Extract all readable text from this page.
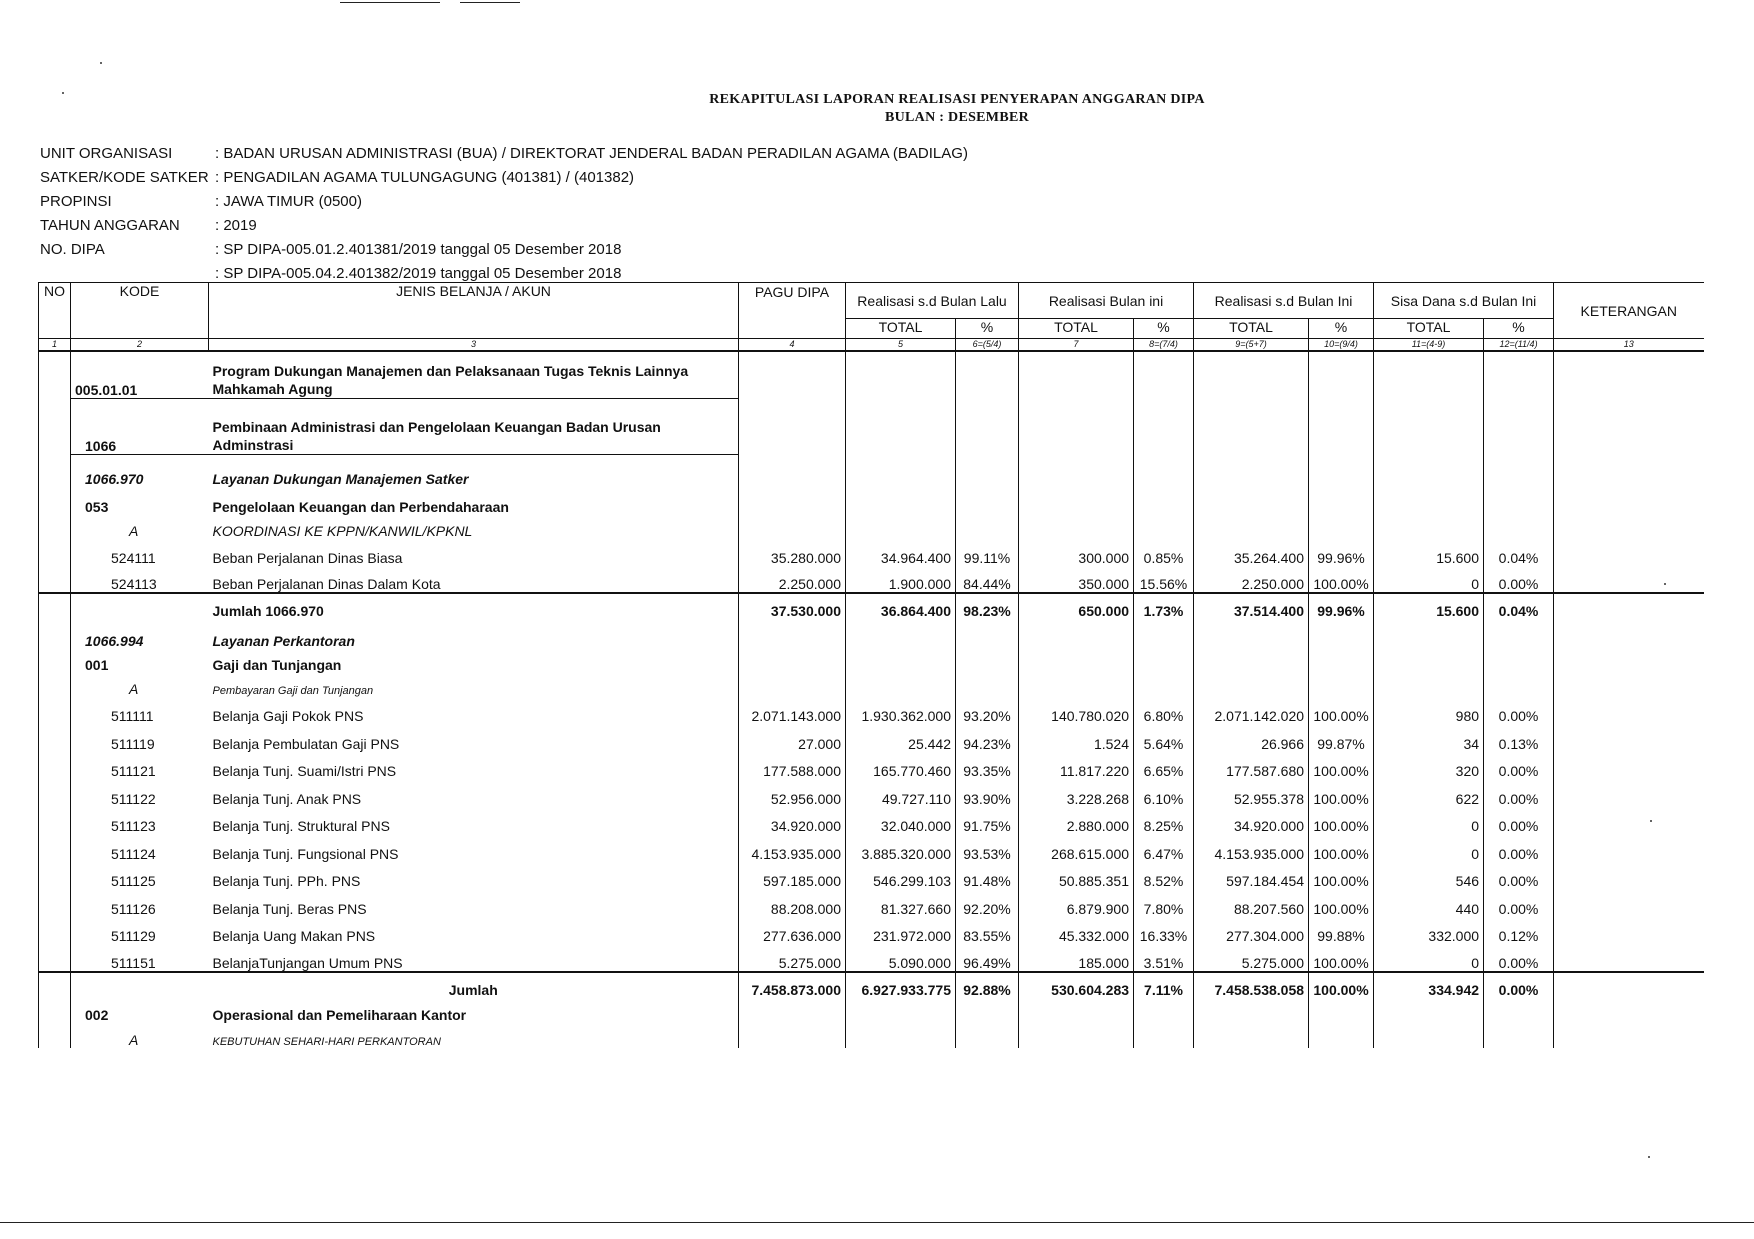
REKAPITULASI LAPORAN REALISASI PENYERAPAN ANGGARAN DIPA
BULAN : DESEMBER
UNIT ORGANISASI	: BADAN URUSAN ADMINISTRASI (BUA) / DIREKTORAT JENDERAL BADAN PERADILAN AGAMA (BADILAG)
SATKER/KODE SATKER : PENGADILAN AGAMA TULUNGAGUNG (401381) / (401382)
PROPINSI	: JAWA TIMUR (0500)
TAHUN ANGGARAN	: 2019
NO. DIPA	: SP DIPA-005.01.2.401381/2019 tanggal 05 Desember 2018
: SP DIPA-005.04.2.401382/2019 tanggal 05 Desember 2018
NO	KODE	JENIS BELANJA / AKUN	PAGU DIPA	Realisasi s.d Bulan Lalu		Realisasi Bulan ini		Realisasi s.d Bulan Ini		Sisa Dana s.d Bulan Ini		KETERANGAN
				TOTAL	%	TOTAL	%	TOTAL	%	TOTAL	%	
1	2	3	4	5	6=(5/4)	7	8=(7/4)	9=(5+7)	10=(9/4)	11=(4-9)	12=(11/4)	13
	005.01.01	Program Dukungan Manajemen dan Pelaksanaan Tugas Teknis Lainnya Mahkamah Agung										
	1066	Pembinaan Administrasi dan Pengelolaan Keuangan Badan Urusan Adminstrasi										
	1066.970	Layanan Dukungan Manajemen Satker										
	053	Pengelolaan Keuangan dan Perbendaharaan										
	A	KOORDINASI KE KPPN/KANWIL/KPKNL										
	524111	Beban Perjalanan Dinas Biasa	35.280.000	34.964.400	99.11%	300.000	0.85%	35.264.400	99.96%	15.600	0.04%	
	524113	Beban Perjalanan Dinas Dalam Kota	2.250.000	1.900.000	84.44%	350.000	15.56%	2.250.000	100.00%	0	0.00%	
		Jumlah 1066.970	37.530.000	36.864.400	98.23%	650.000	1.73%	37.514.400	99.96%	15.600	0.04%	
	1066.994	Layanan Perkantoran										
	001	Gaji dan Tunjangan										
	A	Pembayaran Gaji dan Tunjangan										
	511111	Belanja Gaji Pokok PNS	2.071.143.000	1.930.362.000	93.20%	140.780.020	6.80%	2.071.142.020	100.00%	980	0.00%	
	511119	Belanja Pembulatan Gaji PNS	27.000	25.442	94.23%	1.524	5.64%	26.966	99.87%	34	0.13%	
	511121	Belanja Tunj. Suami/Istri PNS	177.588.000	165.770.460	93.35%	11.817.220	6.65%	177.587.680	100.00%	320	0.00%	
	511122	Belanja Tunj. Anak PNS	52.956.000	49.727.110	93.90%	3.228.268	6.10%	52.955.378	100.00%	622	0.00%	
	511123	Belanja Tunj. Struktural PNS	34.920.000	32.040.000	91.75%	2.880.000	8.25%	34.920.000	100.00%	0	0.00%	
	511124	Belanja Tunj. Fungsional PNS	4.153.935.000	3.885.320.000	93.53%	268.615.000	6.47%	4.153.935.000	100.00%	0	0.00%	
	511125	Belanja Tunj. PPh. PNS	597.185.000	546.299.103	91.48%	50.885.351	8.52%	597.184.454	100.00%	546	0.00%	
	511126	Belanja Tunj. Beras PNS	88.208.000	81.327.660	92.20%	6.879.900	7.80%	88.207.560	100.00%	440	0.00%	
	511129	Belanja Uang Makan PNS	277.636.000	231.972.000	83.55%	45.332.000	16.33%	277.304.000	99.88%	332.000	0.12%	
	511151	BelanjaTunjangan Umum PNS	5.275.000	5.090.000	96.49%	185.000	3.51%	5.275.000	100.00%	0	0.00%	
		Jumlah	7.458.873.000	6.927.933.775	92.88%	530.604.283	7.11%	7.458.538.058	100.00%	334.942	0.00%	
	002	Operasional dan Pemeliharaan Kantor										
	A	KEBUTUHAN SEHARI-HARI PERKANTORAN										
